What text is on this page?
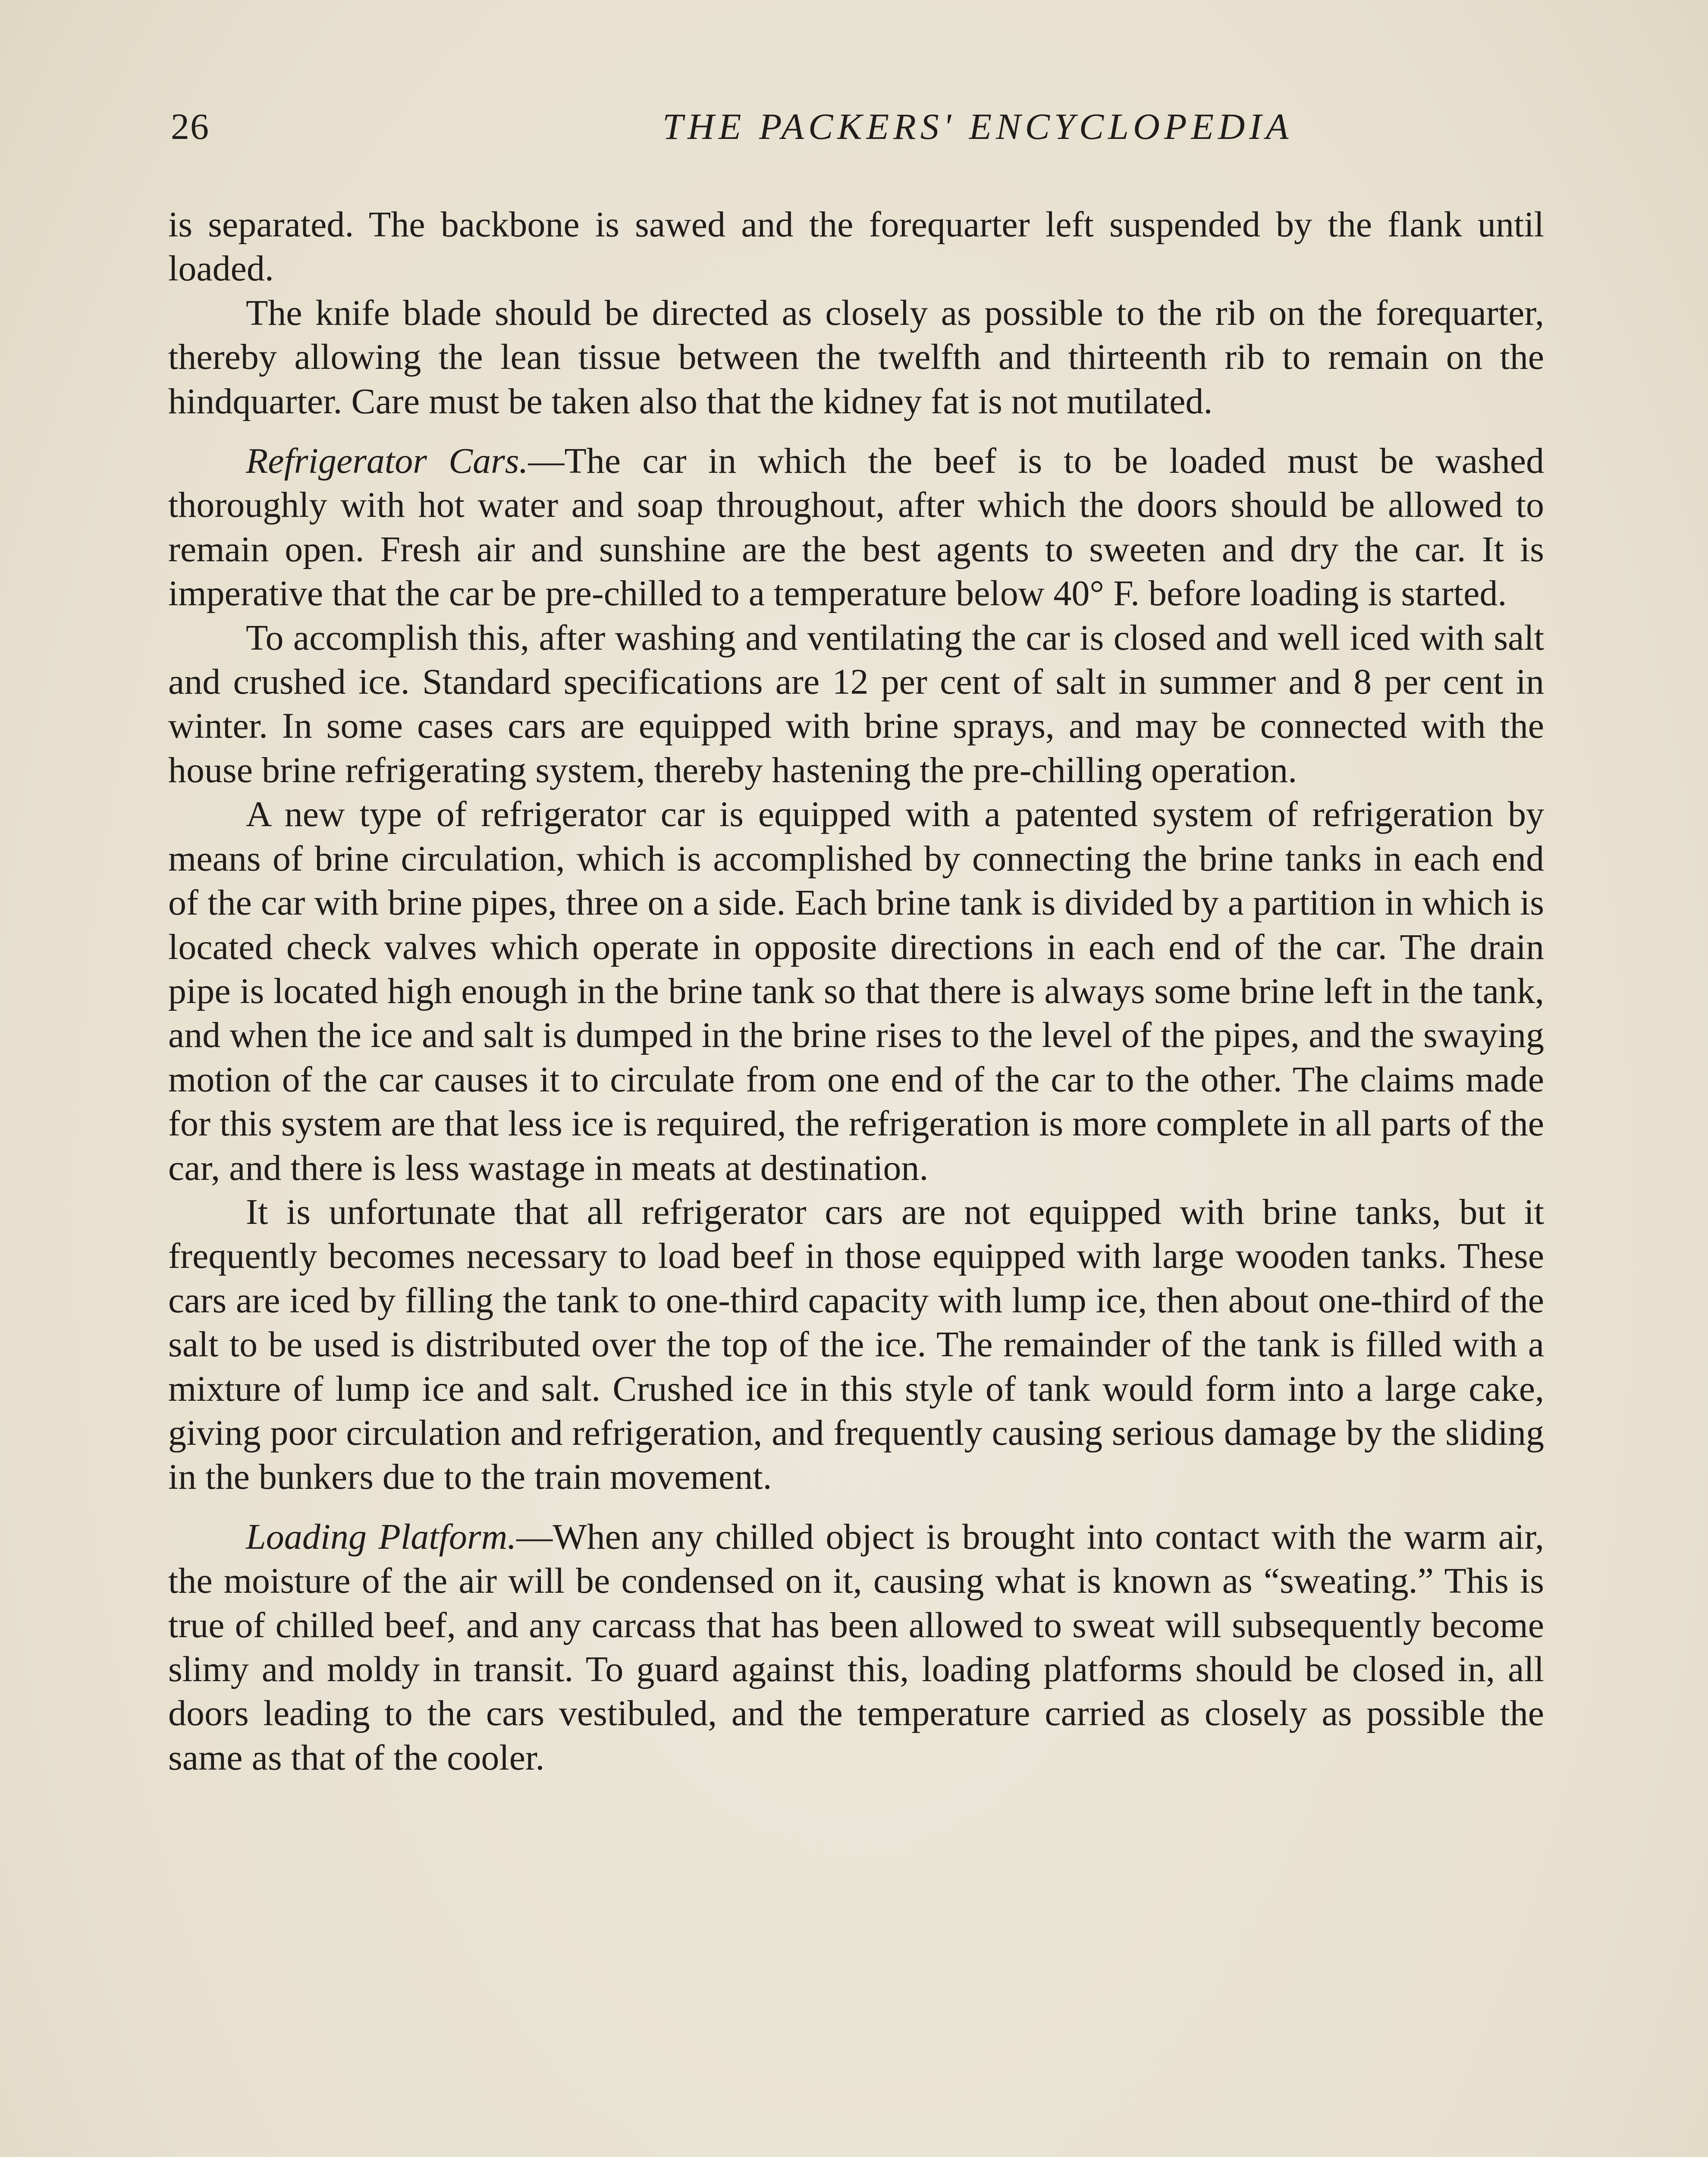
26	THE PACKERS' ENCYCLOPEDIA

is separated. The backbone is sawed and the forequarter left suspended by the flank until loaded.

The knife blade should be directed as closely as possible to the rib on the forequarter, thereby allowing the lean tissue between the twelfth and thirteenth rib to remain on the hindquarter. Care must be taken also that the kidney fat is not mutilated.

Refrigerator Cars.—The car in which the beef is to be loaded must be washed thoroughly with hot water and soap throughout, after which the doors should be allowed to remain open. Fresh air and sunshine are the best agents to sweeten and dry the car. It is imperative that the car be pre-chilled to a temperature below 40° F. before loading is started.

To accomplish this, after washing and ventilating the car is closed and well iced with salt and crushed ice. Standard specifications are 12 per cent of salt in summer and 8 per cent in winter. In some cases cars are equipped with brine sprays, and may be connected with the house brine refrigerating system, thereby hastening the pre-chilling operation.

A new type of refrigerator car is equipped with a patented system of refrigeration by means of brine circulation, which is accomplished by connecting the brine tanks in each end of the car with brine pipes, three on a side. Each brine tank is divided by a partition in which is located check valves which operate in opposite directions in each end of the car. The drain pipe is located high enough in the brine tank so that there is always some brine left in the tank, and when the ice and salt is dumped in the brine rises to the level of the pipes, and the swaying motion of the car causes it to circulate from one end of the car to the other. The claims made for this system are that less ice is required, the refrigeration is more complete in all parts of the car, and there is less wastage in meats at destination.

It is unfortunate that all refrigerator cars are not equipped with brine tanks, but it frequently becomes necessary to load beef in those equipped with large wooden tanks. These cars are iced by filling the tank to one-third capacity with lump ice, then about one-third of the salt to be used is distributed over the top of the ice. The remainder of the tank is filled with a mixture of lump ice and salt. Crushed ice in this style of tank would form into a large cake, giving poor circulation and refrigeration, and frequently causing serious damage by the sliding in the bunkers due to the train movement.

Loading Platform.—When any chilled object is brought into contact with the warm air, the moisture of the air will be condensed on it, causing what is known as “sweating.” This is true of chilled beef, and any carcass that has been allowed to sweat will subsequently become slimy and moldy in transit. To guard against this, loading platforms should be closed in, all doors leading to the cars vestibuled, and the temperature carried as closely as possible the same as that of the cooler.
